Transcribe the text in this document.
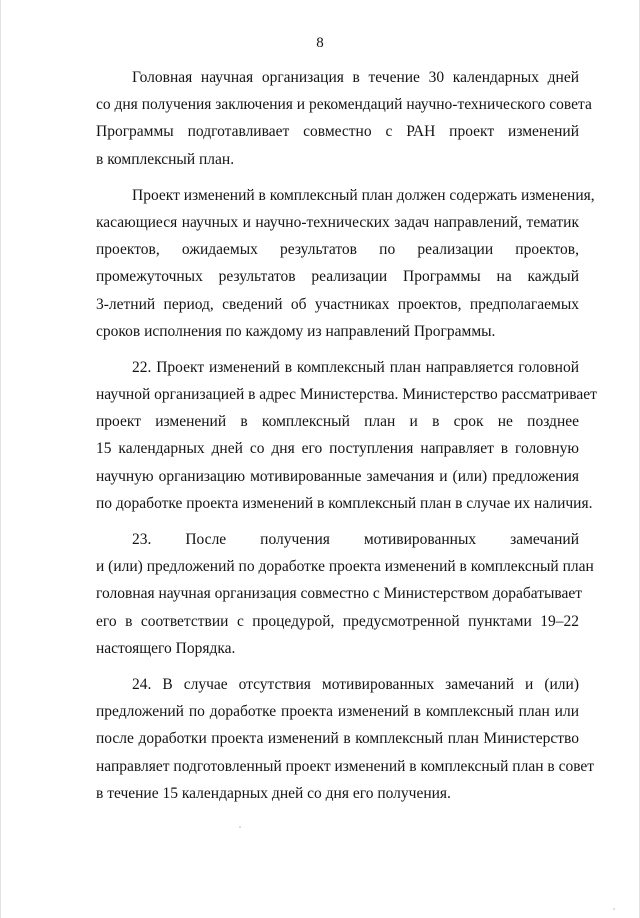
8
Головная научная организация в течение 30 календарных дней
со дня получения заключения и рекомендаций научно-технического совета
Программы подготавливает совместно с РАН проект изменений
в комплексный план.
Проект изменений в комплексный план должен содержать изменения,
касающиеся научных и научно-технических задач направлений, тематик
проектов, ожидаемых результатов по реализации проектов,
промежуточных результатов реализации Программы на каждый
3-летний период, сведений об участниках проектов, предполагаемых
сроков исполнения по каждому из направлений Программы.
22. Проект изменений в комплексный план направляется головной
научной организацией в адрес Министерства. Министерство рассматривает
проект изменений в комплексный план и в срок не позднее
15 календарных дней со дня его поступления направляет в головную
научную организацию мотивированные замечания и (или) предложения
по доработке проекта изменений в комплексный план в случае их наличия.
23. После получения мотивированных замечаний
и (или) предложений по доработке проекта изменений в комплексный план
головная научная организация совместно с Министерством дорабатывает
его в соответствии с процедурой, предусмотренной пунктами 19–22
настоящего Порядка.
24. В случае отсутствия мотивированных замечаний и (или)
предложений по доработке проекта изменений в комплексный план или
после доработки проекта изменений в комплексный план Министерство
направляет подготовленный проект изменений в комплексный план в совет
в течение 15 календарных дней со дня его получения.
